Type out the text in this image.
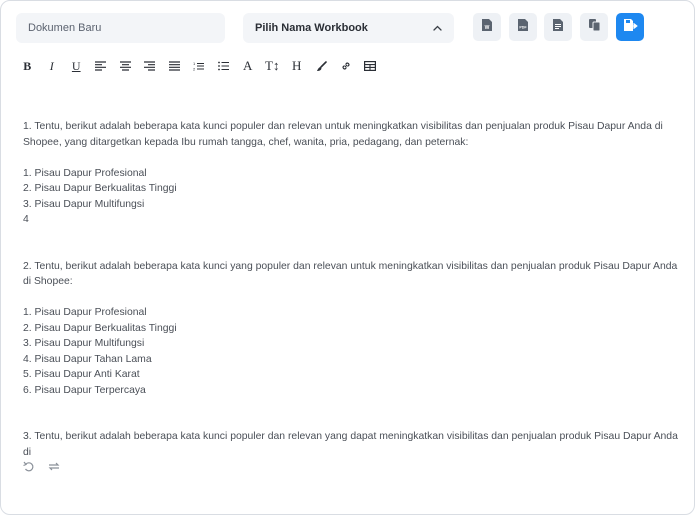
Dokumen Baru
Pilih Nama Workbook	W	PDF
B	I	U	1
2	A T↕ H

1. Tentu, berikut adalah beberapa kata kunci populer dan relevan untuk meningkatkan visibilitas dan penjualan produk Pisau Dapur Anda di Shopee, yang ditargetkan kepada Ibu rumah tangga, chef, wanita, pria, pedagang, dan peternak:

1. Pisau Dapur Profesional

2. Pisau Dapur Berkualitas Tinggi

3. Pisau Dapur Multifungsi

4

2. Tentu, berikut adalah beberapa kata kunci yang populer dan relevan untuk meningkatkan visibilitas dan penjualan produk Pisau Dapur Anda di Shopee:

1. Pisau Dapur Profesional

2. Pisau Dapur Berkualitas Tinggi

3. Pisau Dapur Multifungsi

4. Pisau Dapur Tahan Lama

5. Pisau Dapur Anti Karat

6. Pisau Dapur Terpercaya

3. Tentu, berikut adalah beberapa kata kunci populer dan relevan yang dapat meningkatkan visibilitas dan penjualan produk Pisau Dapur Anda di
